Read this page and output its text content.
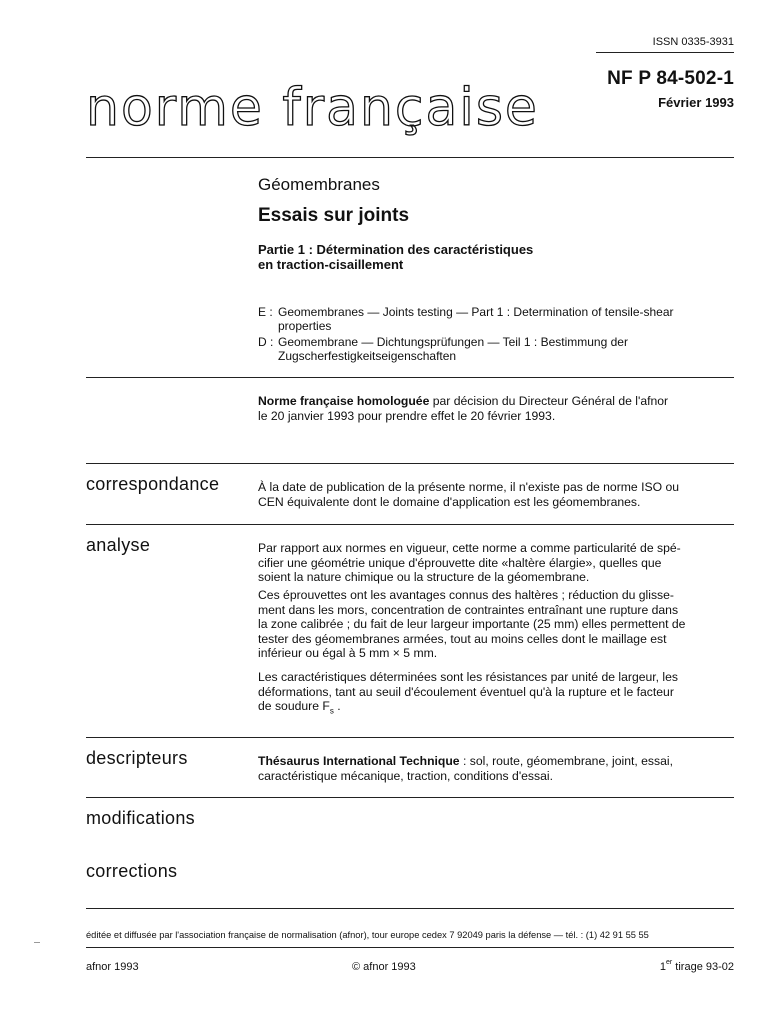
ISSN 0335-3931
NF P 84-502-1
Février 1993
norme française
Géomembranes
Essais sur joints
Partie 1 : Détermination des caractéristiques
en traction-cisaillement
E : Geomembranes — Joints testing — Part 1 : Determination of tensile-shear
properties
D : Geomembrane — Dichtungsprüfungen — Teil 1 : Bestimmung der
Zugscherfestigkeitseigenschaften
Norme française homologuée par décision du Directeur Général de l'afnor
le 20 janvier 1993 pour prendre effet le 20 février 1993.
correspondance	À la date de publication de la présente norme, il n'existe pas de norme ISO ou
CEN équivalente dont le domaine d'application est les géomembranes.
analyse	Par rapport aux normes en vigueur, cette norme a comme particularité de spé-
cifier une géométrie unique d'éprouvette dite «haltère élargie», quelles que
soient la nature chimique ou la structure de la géomembrane.
Ces éprouvettes ont les avantages connus des haltères ; réduction du glisse-
ment dans les mors, concentration de contraintes entraînant une rupture dans
la zone calibrée ; du fait de leur largeur importante (25 mm) elles permettent de
tester des géomembranes armées, tout au moins celles dont le maillage est
inférieur ou égal à 5 mm × 5 mm.
Les caractéristiques déterminées sont les résistances par unité de largeur, les
déformations, tant au seuil d'écoulement éventuel qu'à la rupture et le facteur
de soudure $F_s$ .
descripteurs	Thésaurus International Technique : sol, route, géomembrane, joint, essai,
caractéristique mécanique, traction, conditions d'essai.
modifications
corrections
éditée et diffusée par l'association française de normalisation (afnor), tour europe cedex 7 92049 paris la défense — tél. : (1) 42 91 55 55
afnor 1993	© afnor 1993	1er tirage 93-02
